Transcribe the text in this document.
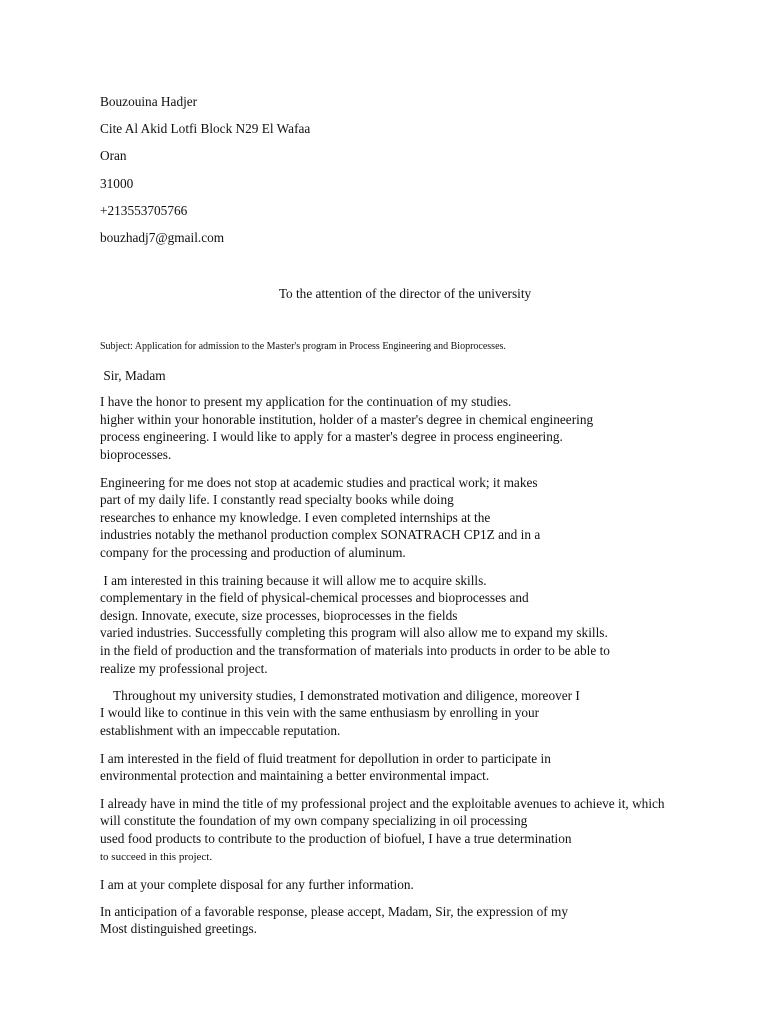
Bouzouina Hadjer
Cite Al Akid Lotfi Block N29 El Wafaa
Oran
31000
+213553705766
bouzhadj7@gmail.com
To the attention of the director of the university
Subject: Application for admission to the Master's program in Process Engineering and Bioprocesses.
Sir, Madam
I have the honor to present my application for the continuation of my studies.
higher within your honorable institution, holder of a master's degree in chemical engineering
process engineering. I would like to apply for a master's degree in process engineering.
bioprocesses.
Engineering for me does not stop at academic studies and practical work; it makes
part of my daily life. I constantly read specialty books while doing
researches to enhance my knowledge. I even completed internships at the
industries notably the methanol production complex SONATRACH CP1Z and in a
company for the processing and production of aluminum.
I am interested in this training because it will allow me to acquire skills.
complementary in the field of physical-chemical processes and bioprocesses and
design. Innovate, execute, size processes, bioprocesses in the fields
varied industries. Successfully completing this program will also allow me to expand my skills.
in the field of production and the transformation of materials into products in order to be able to
realize my professional project.
Throughout my university studies, I demonstrated motivation and diligence, moreover I
I would like to continue in this vein with the same enthusiasm by enrolling in your
establishment with an impeccable reputation.
I am interested in the field of fluid treatment for depollution in order to participate in
environmental protection and maintaining a better environmental impact.
I already have in mind the title of my professional project and the exploitable avenues to achieve it, which
will constitute the foundation of my own company specializing in oil processing
used food products to contribute to the production of biofuel, I have a true determination
to succeed in this project.
I am at your complete disposal for any further information.
In anticipation of a favorable response, please accept, Madam, Sir, the expression of my
Most distinguished greetings.
